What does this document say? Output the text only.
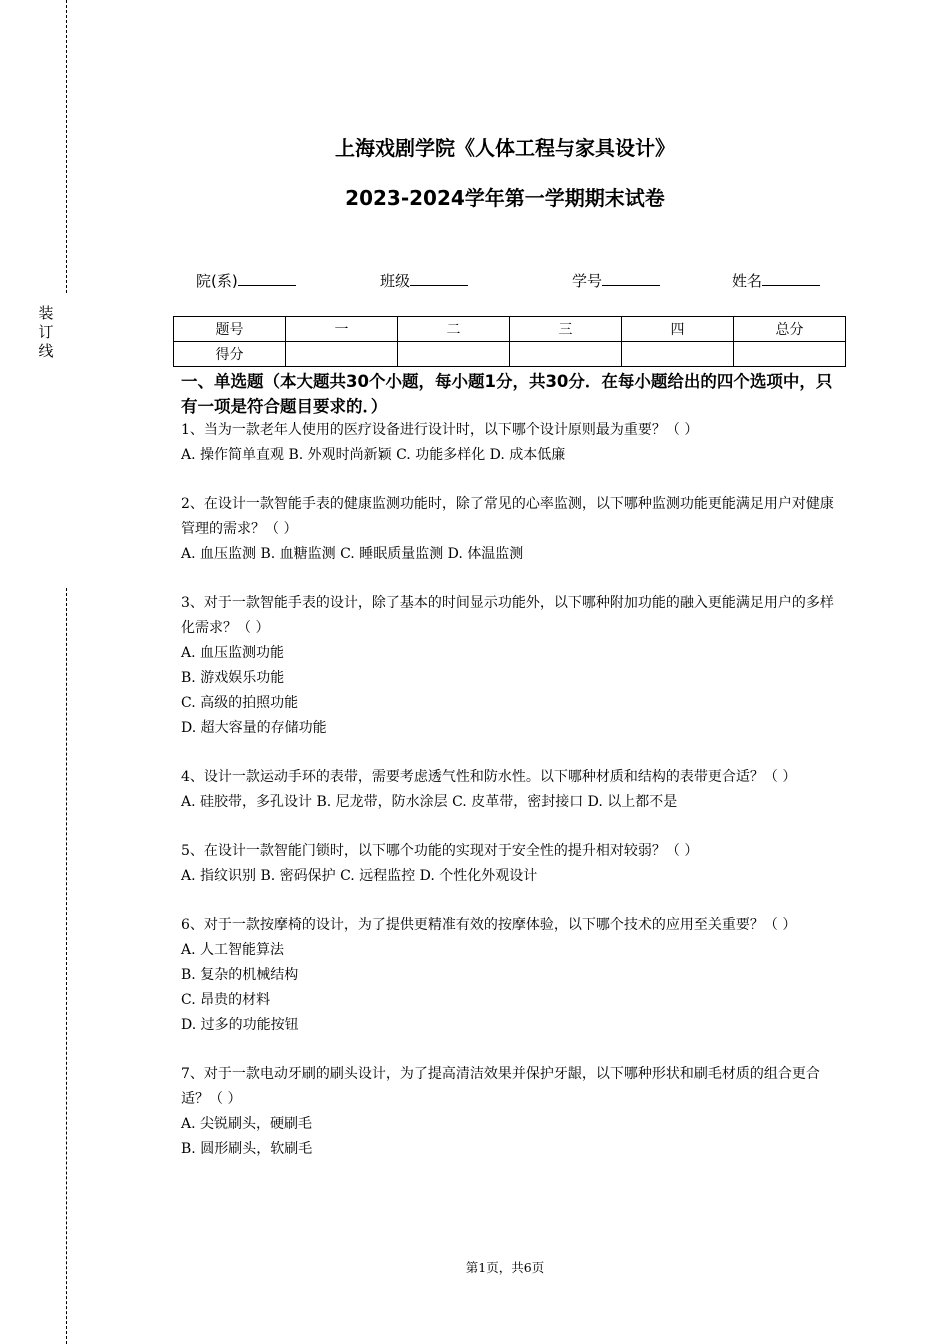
装订线
上海戏剧学院《人体工程与家具设计》
2023-2024学年第一学期期末试卷
院(系)	班级	学号	姓名
题号	一	二	三	四	总分
得分					
一、单选题（本大题共30个小题，每小题1分，共30分．在每小题给出的四个选项中，只有一项是符合题目要求的．）

1、当为一款老年人使用的医疗设备进行设计时，以下哪个设计原则最为重要？（ ）

A. 操作简单直观 B. 外观时尚新颖 C. 功能多样化 D. 成本低廉

2、在设计一款智能手表的健康监测功能时，除了常见的心率监测，以下哪种监测功能更能满足用户对健康管理的需求？（ ）

A. 血压监测 B. 血糖监测 C. 睡眠质量监测 D. 体温监测

3、对于一款智能手表的设计，除了基本的时间显示功能外，以下哪种附加功能的融入更能满足用户的多样化需求？（ ）

A. 血压监测功能

B. 游戏娱乐功能

C. 高级的拍照功能

D. 超大容量的存储功能

4、设计一款运动手环的表带，需要考虑透气性和防水性。以下哪种材质和结构的表带更合适？（ ）

A. 硅胶带，多孔设计 B. 尼龙带，防水涂层 C. 皮革带，密封接口 D. 以上都不是

5、在设计一款智能门锁时，以下哪个功能的实现对于安全性的提升相对较弱？（ ）

A. 指纹识别 B. 密码保护 C. 远程监控 D. 个性化外观设计

6、对于一款按摩椅的设计，为了提供更精准有效的按摩体验，以下哪个技术的应用至关重要？（ ）

A. 人工智能算法

B. 复杂的机械结构

C. 昂贵的材料

D. 过多的功能按钮

7、对于一款电动牙刷的刷头设计，为了提高清洁效果并保护牙龈，以下哪种形状和刷毛材质的组合更合适？（ ）

A. 尖锐刷头，硬刷毛

B. 圆形刷头，软刷毛

第1页，共6页
